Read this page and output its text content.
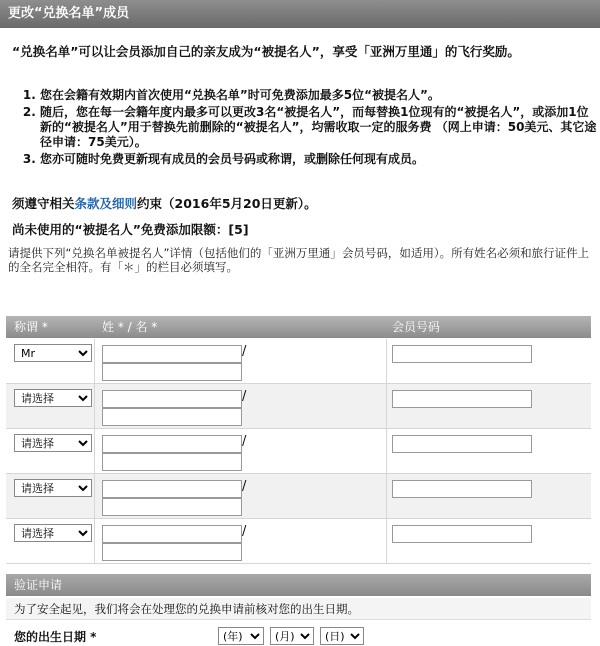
更改“兑换名单”成员
“兑换名单”可以让会员添加自己的亲友成为“被提名人”，享受「亚洲万里通」的飞行奖励。
1. 您在会籍有效期内首次使用“兑换名单”时可免费添加最多5位“被提名人”。
2. 随后，您在每一会籍年度内最多可以更改3名“被提名人”，而每替换1位现有的“被提名人”，或添加1位新的“被提名人”用于替换先前删除的“被提名人”，均需收取一定的服务费 （网上申请：50美元、其它途径申请：75美元）。
3. 您亦可随时免费更新现有成员的会员号码或称谓，或删除任何现有成员。
须遵守相关条款及细则约束（2016年5月20日更新）。
尚未使用的“被提名人”免费添加限额：[5]
请提供下列“兑换名单被提名人”详情（包括他们的「亚洲万里通」会员号码，如适用）。所有姓名必须和旅行证件上的全名完全相符。有「＊」的栏目必须填写。
称谓 *	姓 * / 名 *	会员号码
Mr
/
请选择
/
请选择
/
请选择
/
请选择
/
验证申请
为了安全起见，我们将会在处理您的兑换申请前核对您的出生日期。
您的出生日期 *
(年)
(月)
(日)
